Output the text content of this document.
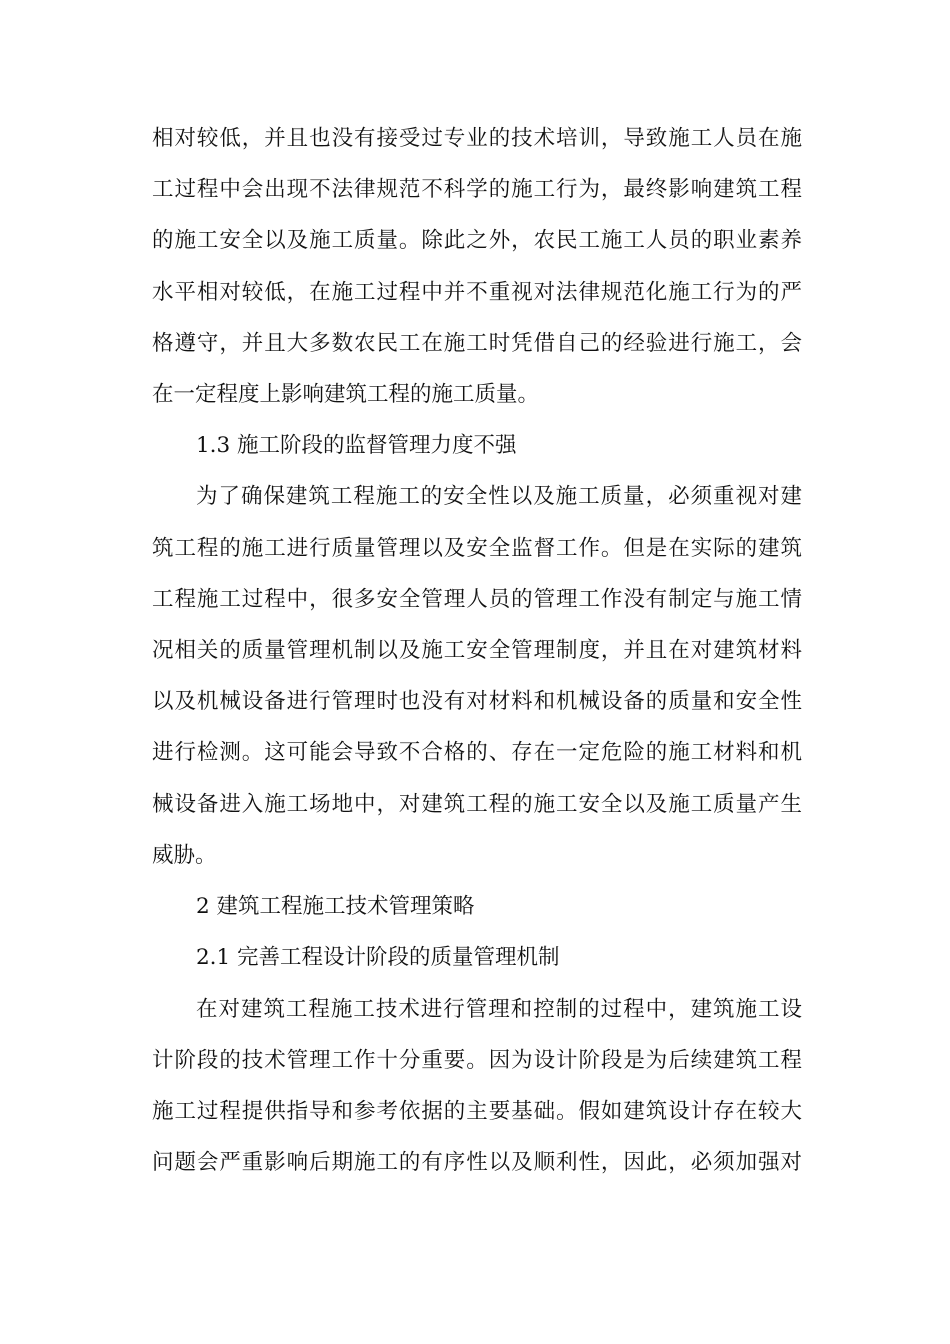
相对较低，并且也没有接受过专业的技术培训，导致施工人员在施
工过程中会出现不法律规范不科学的施工行为，最终影响建筑工程
的施工安全以及施工质量。除此之外，农民工施工人员的职业素养
水平相对较低，在施工过程中并不重视对法律规范化施工行为的严
格遵守，并且大多数农民工在施工时凭借自己的经验进行施工，会
在一定程度上影响建筑工程的施工质量。
1.3 施工阶段的监督管理力度不强
为了确保建筑工程施工的安全性以及施工质量，必须重视对建
筑工程的施工进行质量管理以及安全监督工作。但是在实际的建筑
工程施工过程中，很多安全管理人员的管理工作没有制定与施工情
况相关的质量管理机制以及施工安全管理制度，并且在对建筑材料
以及机械设备进行管理时也没有对材料和机械设备的质量和安全性
进行检测。这可能会导致不合格的、存在一定危险的施工材料和机
械设备进入施工场地中，对建筑工程的施工安全以及施工质量产生
威胁。
2 建筑工程施工技术管理策略
2.1 完善工程设计阶段的质量管理机制
在对建筑工程施工技术进行管理和控制的过程中，建筑施工设
计阶段的技术管理工作十分重要。因为设计阶段是为后续建筑工程
施工过程提供指导和参考依据的主要基础。假如建筑设计存在较大
问题会严重影响后期施工的有序性以及顺利性，因此，必须加强对
